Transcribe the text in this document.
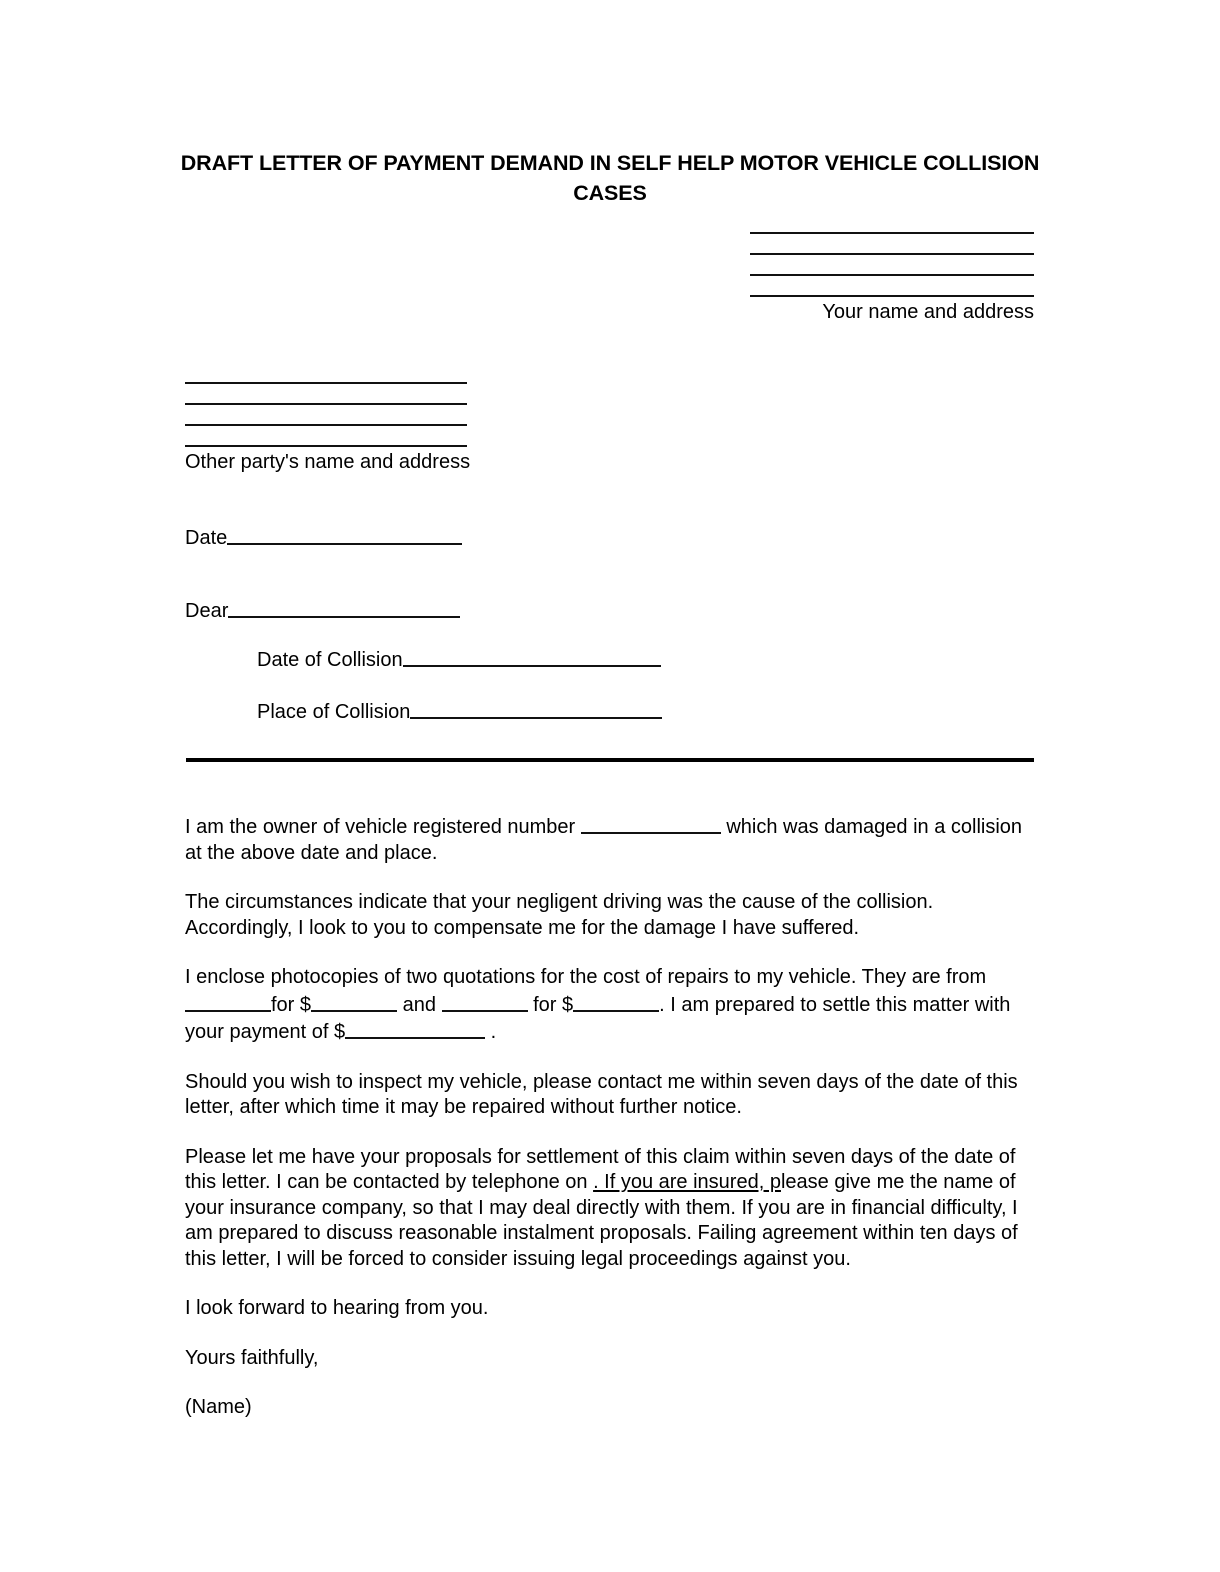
DRAFT LETTER OF PAYMENT DEMAND IN SELF HELP MOTOR VEHICLE COLLISION CASES
Your name and address
Other party's name and address
Date
Dear
Date of Collision
Place of Collision

I am the owner of vehicle registered number	which was damaged in a collision at the above date and place.

The circumstances indicate that your negligent driving was the cause of the collision. Accordingly, I look to you to compensate me for the damage I have suffered.

I enclose photocopies of two quotations for the cost of repairs to my vehicle. They are from for $	and	for $	. I am prepared to settle this matter with your payment of $	.

Should you wish to inspect my vehicle, please contact me within seven days of the date of this letter, after which time it may be repaired without further notice.

Please let me have your proposals for settlement of this claim within seven days of the date of this letter. I can be contacted by telephone on . If you are insured, please give me the name of your insurance company, so that I may deal directly with them. If you are in financial difficulty, I am prepared to discuss reasonable instalment proposals. Failing agreement within ten days of this letter, I will be forced to consider issuing legal proceedings against you.

I look forward to hearing from you.

Yours faithfully,

(Name)
